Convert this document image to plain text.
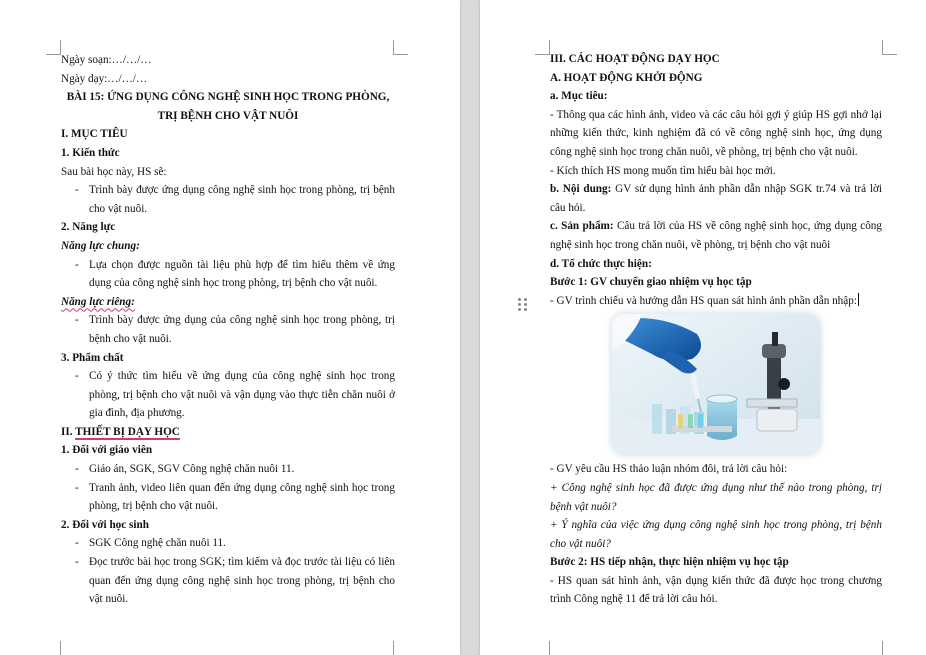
Ngày soạn:…/…/…
Ngày dạy:…/…/…
BÀI 15: ỨNG DỤNG CÔNG NGHỆ SINH HỌC TRONG PHÒNG,
TRỊ BỆNH CHO VẬT NUÔI
I. MỤC TIÊU
1. Kiến thức
Sau bài học này, HS sẽ:
- Trình bày được ứng dụng công nghệ sinh học trong phòng, trị bệnh cho vật nuôi.
2. Năng lực
Năng lực chung:
- Lựa chọn được nguồn tài liệu phù hợp để tìm hiểu thêm về ứng dụng của công nghệ sinh học trong phòng, trị bệnh cho vật nuôi.
Năng lực riêng:
- Trình bày được ứng dụng của công nghệ sinh học trong phòng, trị bệnh cho vật nuôi.
3. Phẩm chất
- Có ý thức tìm hiểu về ứng dụng của công nghệ sinh học trong phòng, trị bệnh cho vật nuôi và vận dụng vào thực tiễn chăn nuôi ở gia đình, địa phương.
II. THIẾT BỊ DẠY HỌC
1. Đối với giáo viên
- Giáo án, SGK, SGV Công nghệ chăn nuôi 11.
- Tranh ảnh, video liên quan đến ứng dụng công nghệ sinh học trong phòng, trị bệnh cho vật nuôi.
2. Đối với học sinh
- SGK Công nghệ chăn nuôi 11.
- Đọc trước bài học trong SGK; tìm kiếm và đọc trước tài liệu có liên quan đến ứng dụng công nghệ sinh học trong phòng, trị bệnh cho vật nuôi.
III. CÁC HOẠT ĐỘNG DẠY HỌC
A. HOẠT ĐỘNG KHỞI ĐỘNG
a. Mục tiêu:
- Thông qua các hình ảnh, video và các câu hỏi gợi ý giúp HS gợi nhớ lại những kiến thức, kinh nghiệm đã có về công nghệ sinh học, ứng dụng công nghệ sinh học trong chăn nuôi, về phòng, trị bệnh cho vật nuôi.
- Kích thích HS mong muốn tìm hiểu bài học mới.
b. Nội dung: GV sử dụng hình ảnh phần dẫn nhập SGK tr.74 và trả lời câu hỏi.
c. Sản phẩm: Câu trả lời của HS về công nghệ sinh học, ứng dụng công nghệ sinh học trong chăn nuôi, về phòng, trị bệnh cho vật nuôi
d. Tổ chức thực hiện:
Bước 1: GV chuyển giao nhiệm vụ học tập
- GV trình chiếu và hướng dẫn HS quan sát hình ảnh phần dẫn nhập:
- GV yêu cầu HS thảo luận nhóm đôi, trả lời câu hỏi:
+ Công nghệ sinh học đã được ứng dụng như thế nào trong phòng, trị bệnh vật nuôi?
+ Ý nghĩa của việc ứng dụng công nghệ sinh học trong phòng, trị bệnh cho vật nuôi?
Bước 2: HS tiếp nhận, thực hiện nhiệm vụ học tập
- HS quan sát hình ảnh, vận dụng kiến thức đã được học trong chương trình Công nghệ 11 để trả lời câu hỏi.
